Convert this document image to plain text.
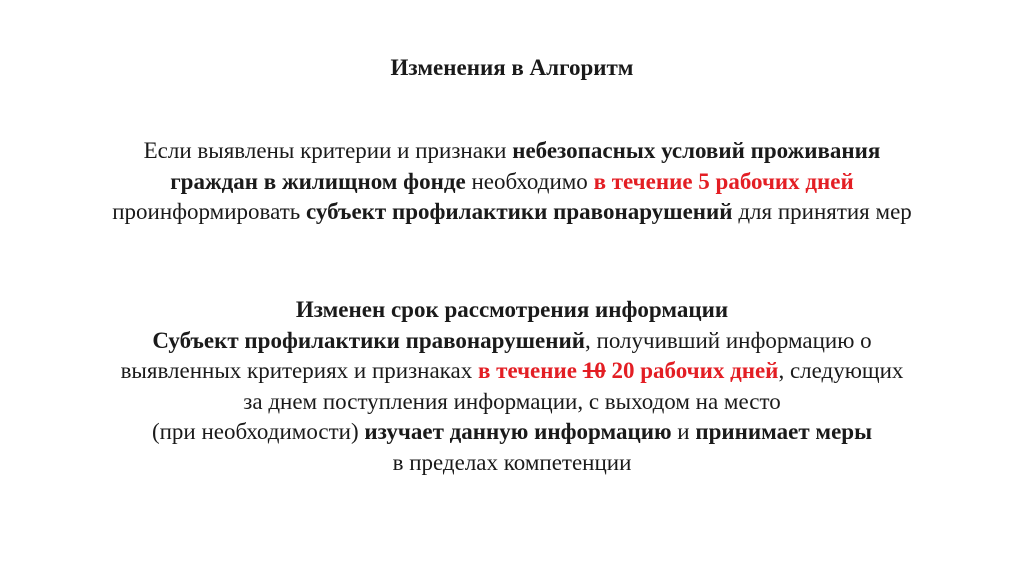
Изменения в Алгоритм
Если выявлены критерии и признаки небезопасных условий проживания
граждан в жилищном фонде необходимо в течение 5 рабочих дней
проинформировать субъект профилактики правонарушений для принятия мер
Изменен срок рассмотрения информации
Субъект профилактики правонарушений, получивший информацию о
выявленных критериях и признаках в течение 10 20 рабочих дней, следующих
за днем поступления информации, с выходом на место
(при необходимости) изучает данную информацию и принимает меры
в пределах компетенции
